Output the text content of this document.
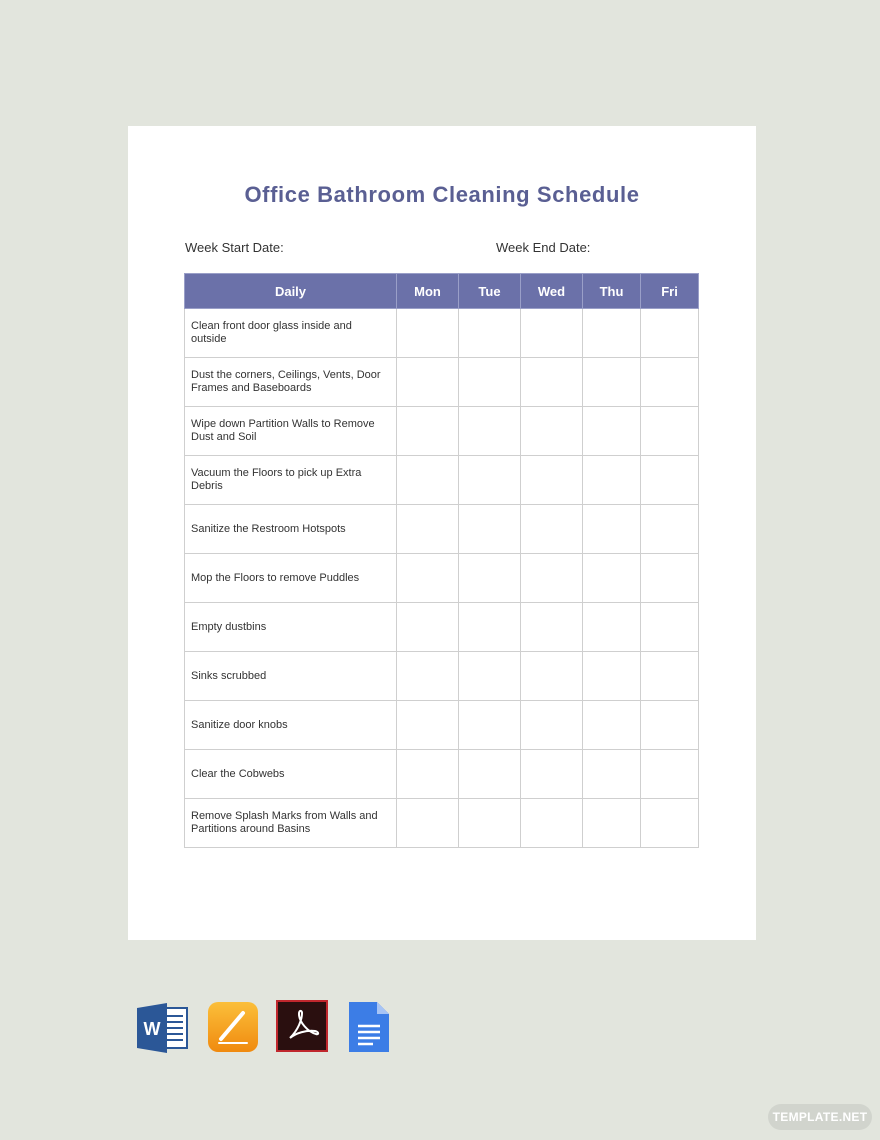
Office Bathroom Cleaning Schedule
Week Start Date:	Week End Date:
Daily	Mon	Tue	Wed	Thu	Fri
Clean front door glass inside and outside					
Dust the corners, Ceilings, Vents, Door Frames and Baseboards					
Wipe down Partition Walls to Remove Dust and Soil					
Vacuum the Floors to pick up Extra Debris					
Sanitize the Restroom Hotspots					
Mop the Floors to remove Puddles					
Empty dustbins					
Sinks scrubbed					
Sanitize door knobs					
Clear the Cobwebs					
Remove Splash Marks from Walls and Partitions around Basins					
W
TEMPLATE.NET
